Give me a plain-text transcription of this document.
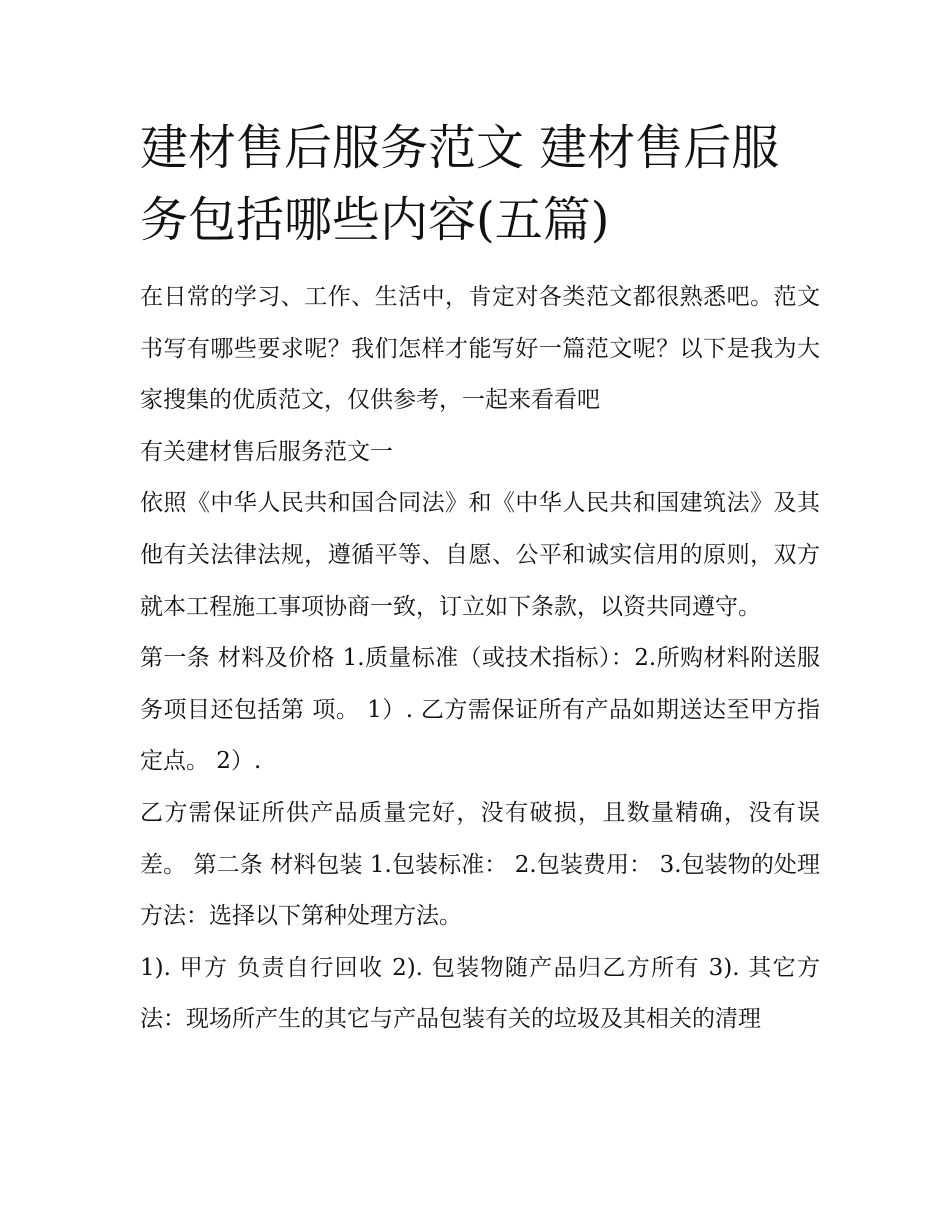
建材售后服务范文 建材售后服务包括哪些内容(五篇)

在日常的学习、工作、生活中，肯定对各类范文都很熟悉吧。范文书写有哪些要求呢？我们怎样才能写好一篇范文呢？以下是我为大家搜集的优质范文，仅供参考，一起来看看吧

有关建材售后服务范文一

依照《中华人民共和国合同法》和《中华人民共和国建筑法》及其他有关法律法规，遵循平等、自愿、公平和诚实信用的原则，双方就本工程施工事项协商一致，订立如下条款，以资共同遵守。

第一条 材料及价格 1.质量标准（或技术指标）：2.所购材料附送服务项目还包括第 项。 1）. 乙方需保证所有产品如期送达至甲方指定点。 2）.

乙方需保证所供产品质量完好，没有破损，且数量精确，没有误差。 第二条 材料包装 1.包装标准： 2.包装费用： 3.包装物的处理方法：选择以下第种处理方法。

1). 甲方 负责自行回收 2). 包装物随产品归乙方所有 3). 其它方法：现场所产生的其它与产品包装有关的垃圾及其相关的清理
